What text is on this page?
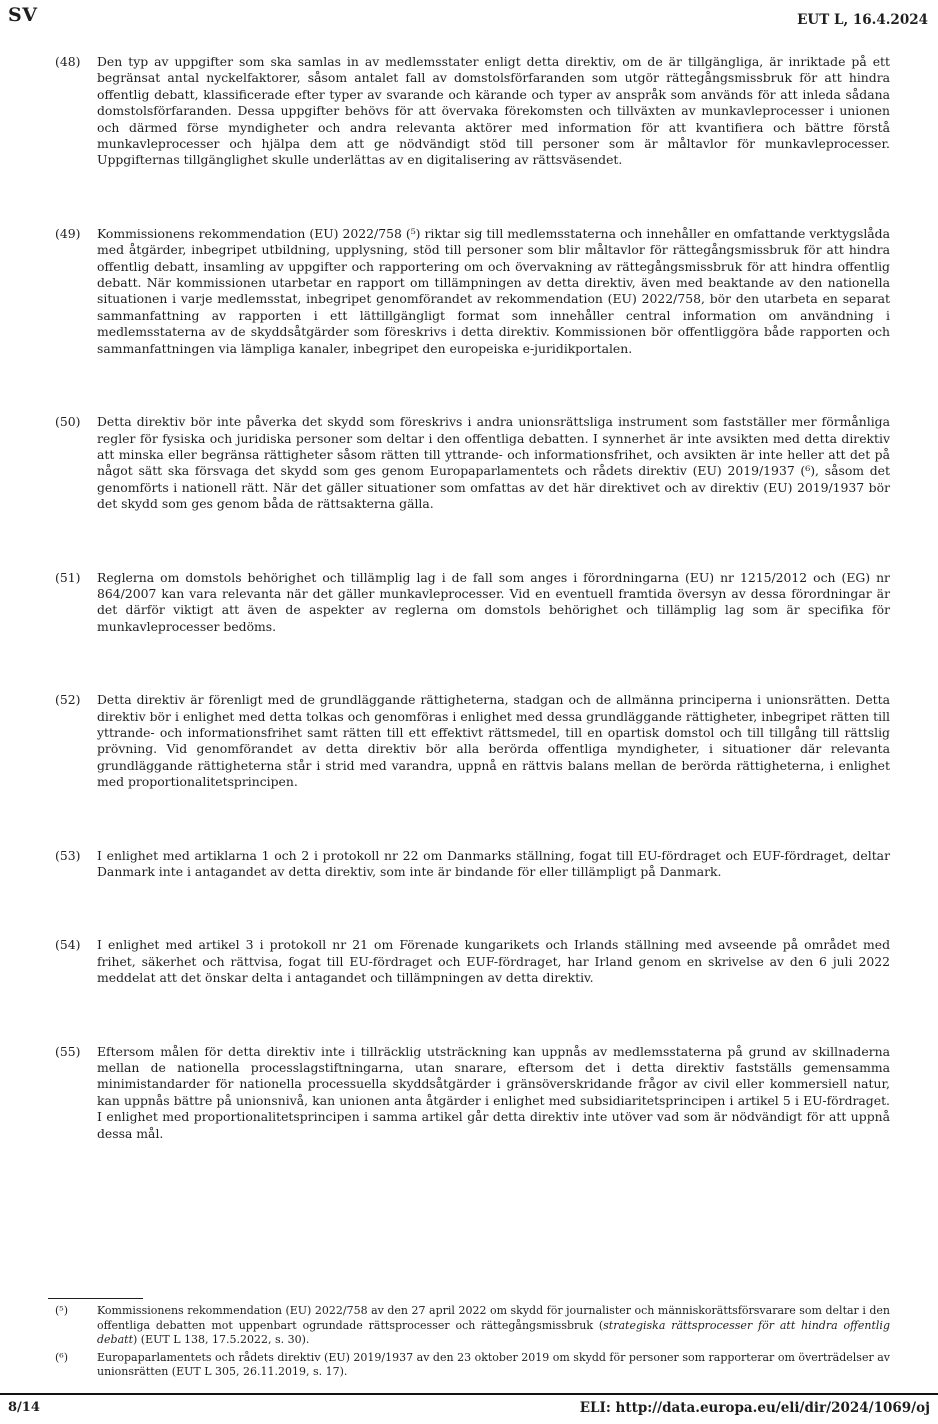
SV	EUT L, 16.4.2024
(48)	Den typ av uppgifter som ska samlas in av medlemsstater enligt detta direktiv, om de är tillgängliga, är inriktade på ett begränsat antal nyckelfaktorer, såsom antalet fall av domstolsförfaranden som utgör rättegångsmissbruk för att hindra offentlig debatt, klassificerade efter typer av svarande och kärande och typer av anspråk som används för att inleda sådana domstolsförfaranden. Dessa uppgifter behövs för att övervaka förekomsten och tillväxten av munkavleprocesser i unionen och därmed förse myndigheter och andra relevanta aktörer med information för att kvantifiera och bättre förstå munkavleprocesser och hjälpa dem att ge nödvändigt stöd till personer som är måltavlor för munkavleprocesser. Uppgifternas tillgänglighet skulle underlättas av en digitalisering av rättsväsendet.

(49)	Kommissionens rekommendation (EU) 2022/758 (⁵) riktar sig till medlemsstaterna och innehåller en omfattande verktygslåda med åtgärder, inbegripet utbildning, upplysning, stöd till personer som blir måltavlor för rättegångsmissbruk för att hindra offentlig debatt, insamling av uppgifter och rapportering om och övervakning av rättegångsmissbruk för att hindra offentlig debatt. När kommissionen utarbetar en rapport om tillämpningen av detta direktiv, även med beaktande av den nationella situationen i varje medlemsstat, inbegripet genomförandet av rekommendation (EU) 2022/758, bör den utarbeta en separat sammanfattning av rapporten i ett lättillgängligt format som innehåller central information om användning i medlemsstaterna av de skyddsåtgärder som föreskrivs i detta direktiv. Kommissionen bör offentliggöra både rapporten och sammanfattningen via lämpliga kanaler, inbegripet den europeiska e-juridikportalen.

(50)	Detta direktiv bör inte påverka det skydd som föreskrivs i andra unionsrättsliga instrument som fastställer mer förmånliga regler för fysiska och juridiska personer som deltar i den offentliga debatten. I synnerhet är inte avsikten med detta direktiv att minska eller begränsa rättigheter såsom rätten till yttrande- och informationsfrihet, och avsikten är inte heller att det på något sätt ska försvaga det skydd som ges genom Europaparlamentets och rådets direktiv (EU) 2019/1937 (⁶), såsom det genomförts i nationell rätt. När det gäller situationer som omfattas av det här direktivet och av direktiv (EU) 2019/1937 bör det skydd som ges genom båda de rättsakterna gälla.

(51)	Reglerna om domstols behörighet och tillämplig lag i de fall som anges i förordningarna (EU) nr 1215/2012 och (EG) nr 864/2007 kan vara relevanta när det gäller munkavleprocesser. Vid en eventuell framtida översyn av dessa förordningar är det därför viktigt att även de aspekter av reglerna om domstols behörighet och tillämplig lag som är specifika för munkavleprocesser bedöms.

(52)	Detta direktiv är förenligt med de grundläggande rättigheterna, stadgan och de allmänna principerna i unionsrätten. Detta direktiv bör i enlighet med detta tolkas och genomföras i enlighet med dessa grundläggande rättigheter, inbegripet rätten till yttrande- och informationsfrihet samt rätten till ett effektivt rättsmedel, till en opartisk domstol och till tillgång till rättslig prövning. Vid genomförandet av detta direktiv bör alla berörda offentliga myndigheter, i situationer där relevanta grundläggande rättigheterna står i strid med varandra, uppnå en rättvis balans mellan de berörda rättigheterna, i enlighet med proportionalitetsprincipen.

(53)	I enlighet med artiklarna 1 och 2 i protokoll nr 22 om Danmarks ställning, fogat till EU-fördraget och EUF-fördraget, deltar Danmark inte i antagandet av detta direktiv, som inte är bindande för eller tillämpligt på Danmark.

(54)	I enlighet med artikel 3 i protokoll nr 21 om Förenade kungarikets och Irlands ställning med avseende på området med frihet, säkerhet och rättvisa, fogat till EU-fördraget och EUF-fördraget, har Irland genom en skrivelse av den 6 juli 2022 meddelat att det önskar delta i antagandet och tillämpningen av detta direktiv.

(55)	Eftersom målen för detta direktiv inte i tillräcklig utsträckning kan uppnås av medlemsstaterna på grund av skillnaderna mellan de nationella processlagstiftningarna, utan snarare, eftersom det i detta direktiv fastställs gemensamma minimistandarder för nationella processuella skyddsåtgärder i gränsöverskridande frågor av civil eller kommersiell natur, kan uppnås bättre på unionsnivå, kan unionen anta åtgärder i enlighet med subsidiaritetsprincipen i artikel 5 i EU-fördraget. I enlighet med proportionalitetsprincipen i samma artikel går detta direktiv inte utöver vad som är nödvändigt för att uppnå dessa mål.

(⁵)	Kommissionens rekommendation (EU) 2022/758 av den 27 april 2022 om skydd för journalister och människorättsförsvarare som deltar i den offentliga debatten mot uppenbart ogrundade rättsprocesser och rättegångsmissbruk (strategiska rättsprocesser för att hindra offentlig debatt) (EUT L 138, 17.5.2022, s. 30).

(⁶)	Europaparlamentets och rådets direktiv (EU) 2019/1937 av den 23 oktober 2019 om skydd för personer som rapporterar om överträdelser av unionsrätten (EUT L 305, 26.11.2019, s. 17).

8/14	ELI: http://data.europa.eu/eli/dir/2024/1069/oj
